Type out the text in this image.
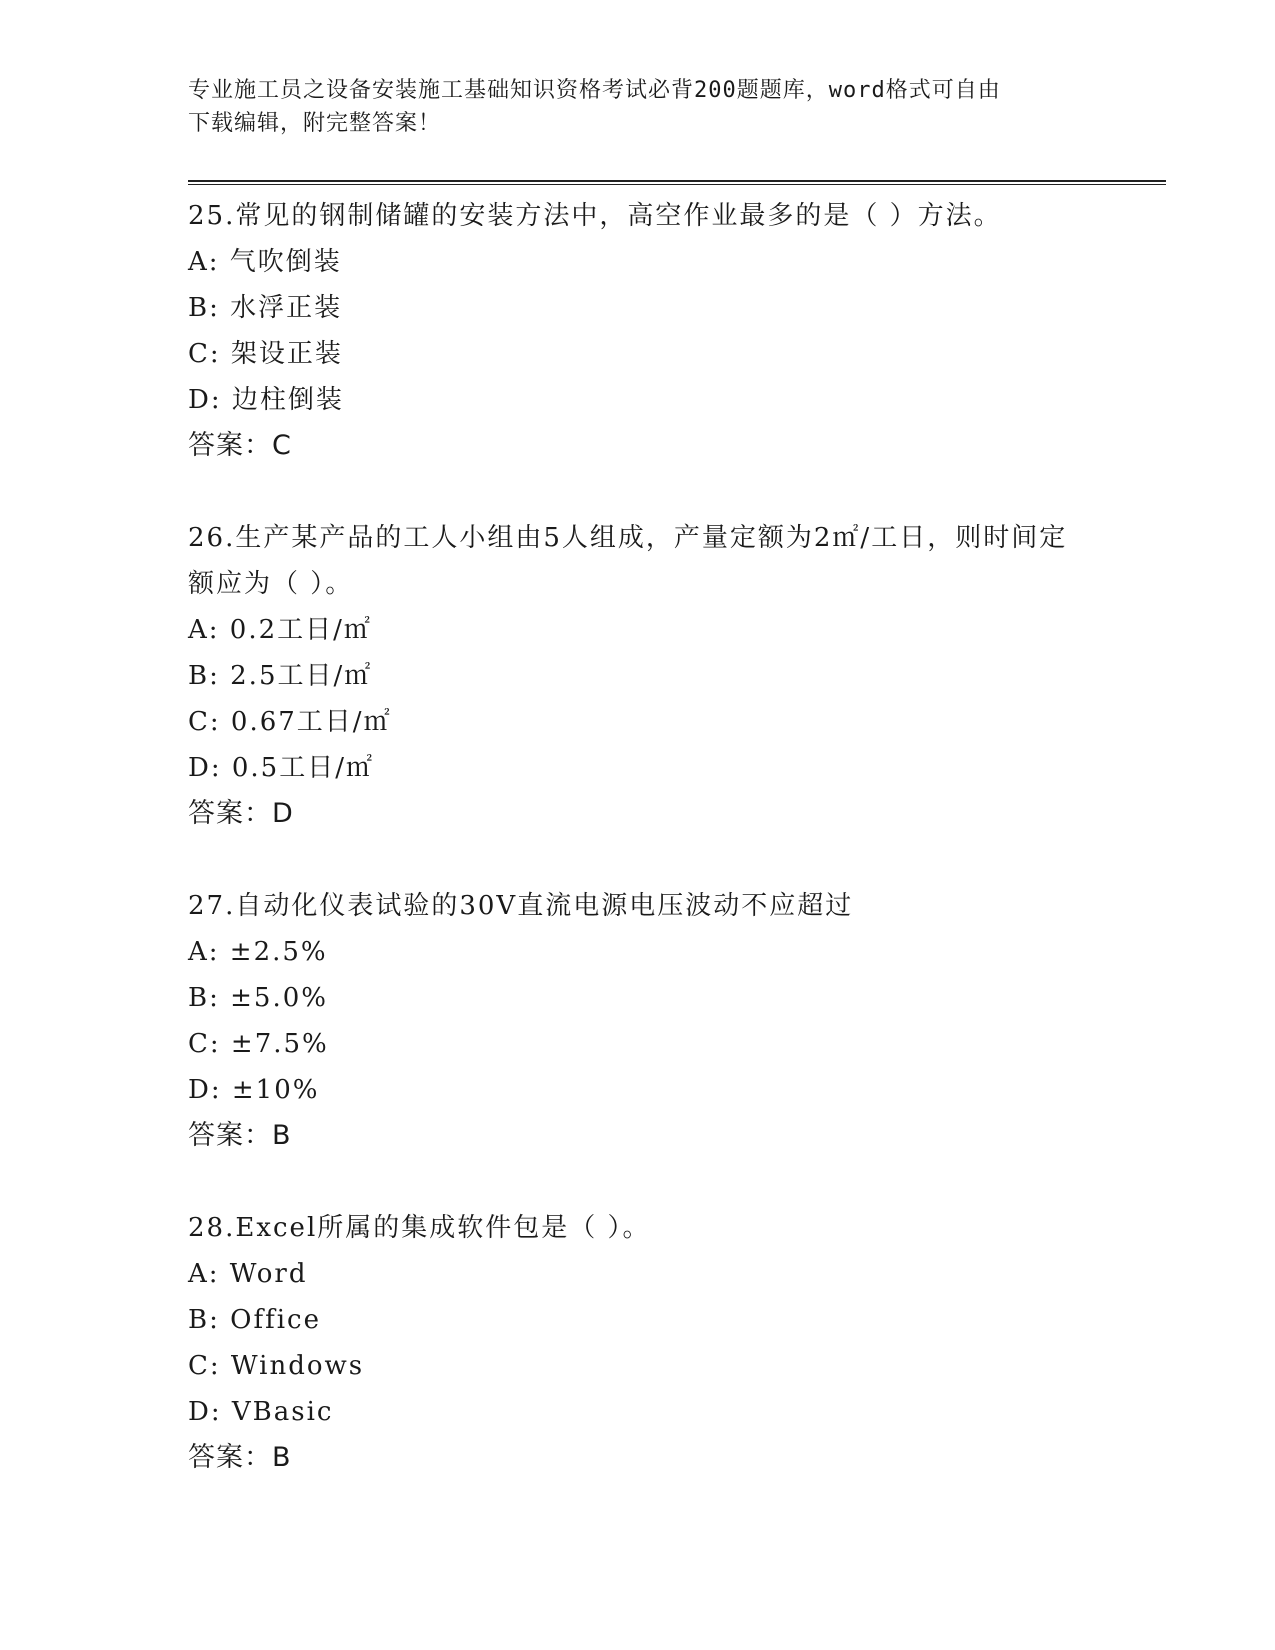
专业施工员之设备安装施工基础知识资格考试必背200题题库，word格式可自由
下载编辑，附完整答案！
25.常见的钢制储罐的安装方法中，高空作业最多的是（ ）方法。
A: 气吹倒装
B: 水浮正装
C: 架设正装
D: 边柱倒装
答案：C
26.生产某产品的工人小组由5人组成，产量定额为2㎡/工日，则时间定额应为（ ）。
A: 0.2工日/㎡
B: 2.5工日/㎡
C: 0.67工日/㎡
D: 0.5工日/㎡
答案：D
27.自动化仪表试验的30V直流电源电压波动不应超过
A: ±2.5%
B: ±5.0%
C: ±7.5%
D: ±10%
答案：B
28.Excel所属的集成软件包是（ ）。
A: Word
B: Office
C: Windows
D: VBasic
答案：B
